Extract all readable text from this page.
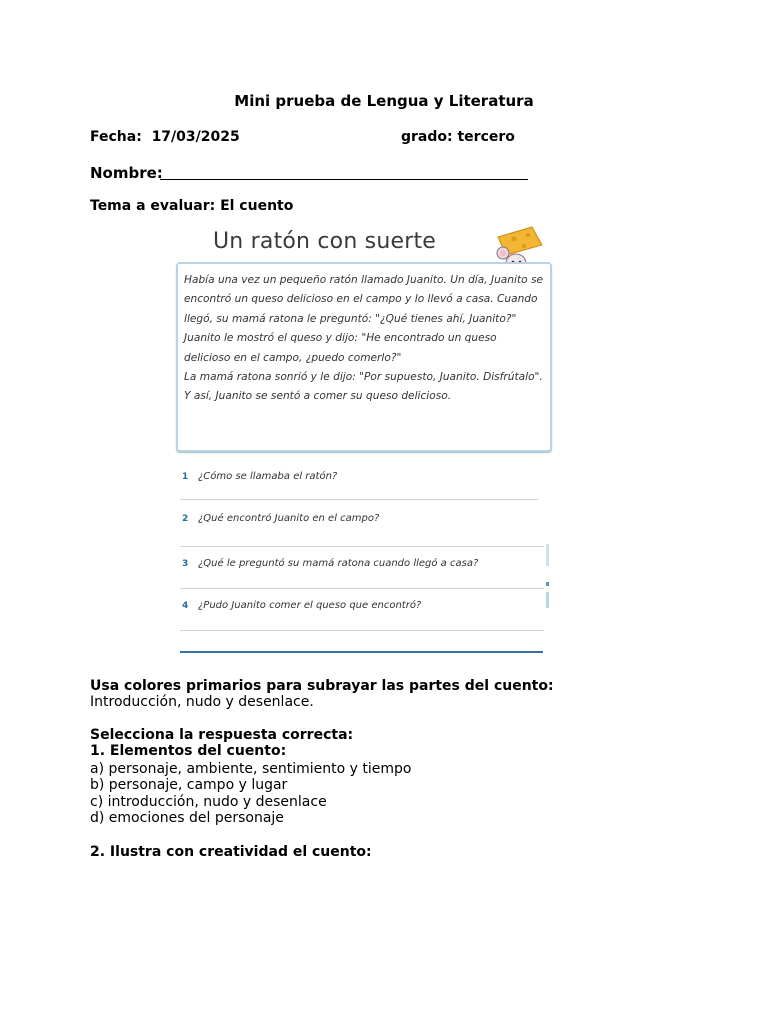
Mini prueba de Lengua y Literatura
Fecha: 17/03/2025	grado: tercero
Nombre:
Tema a evaluar: El cuento
Un ratón con suerte

Había una vez un pequeño ratón llamado Juanito. Un día, Juanito se encontró un queso delicioso en el campo y lo llevó a casa. Cuando llegó, su mamá ratona le preguntó: "¿Qué tienes ahí, Juanito?"

Juanito le mostró el queso y dijo: "He encontrado un queso delicioso en el campo, ¿puedo comerlo?"

La mamá ratona sonrió y le dijo: "Por supuesto, Juanito. Disfrútalo".

Y así, Juanito se sentó a comer su queso delicioso.

1 ¿Cómo se llamaba el ratón?
2 ¿Qué encontró Juanito en el campo?
3 ¿Qué le preguntó su mamá ratona cuando llegó a casa?
4 ¿Pudo Juanito comer el queso que encontró?
Usa colores primarios para subrayar las partes del cuento:
Introducción, nudo y desenlace.
Selecciona la respuesta correcta:
1. Elementos del cuento:
a) personaje, ambiente, sentimiento y tiempo
b) personaje, campo y lugar
c) introducción, nudo y desenlace
d) emociones del personaje
2. Ilustra con creatividad el cuento:
